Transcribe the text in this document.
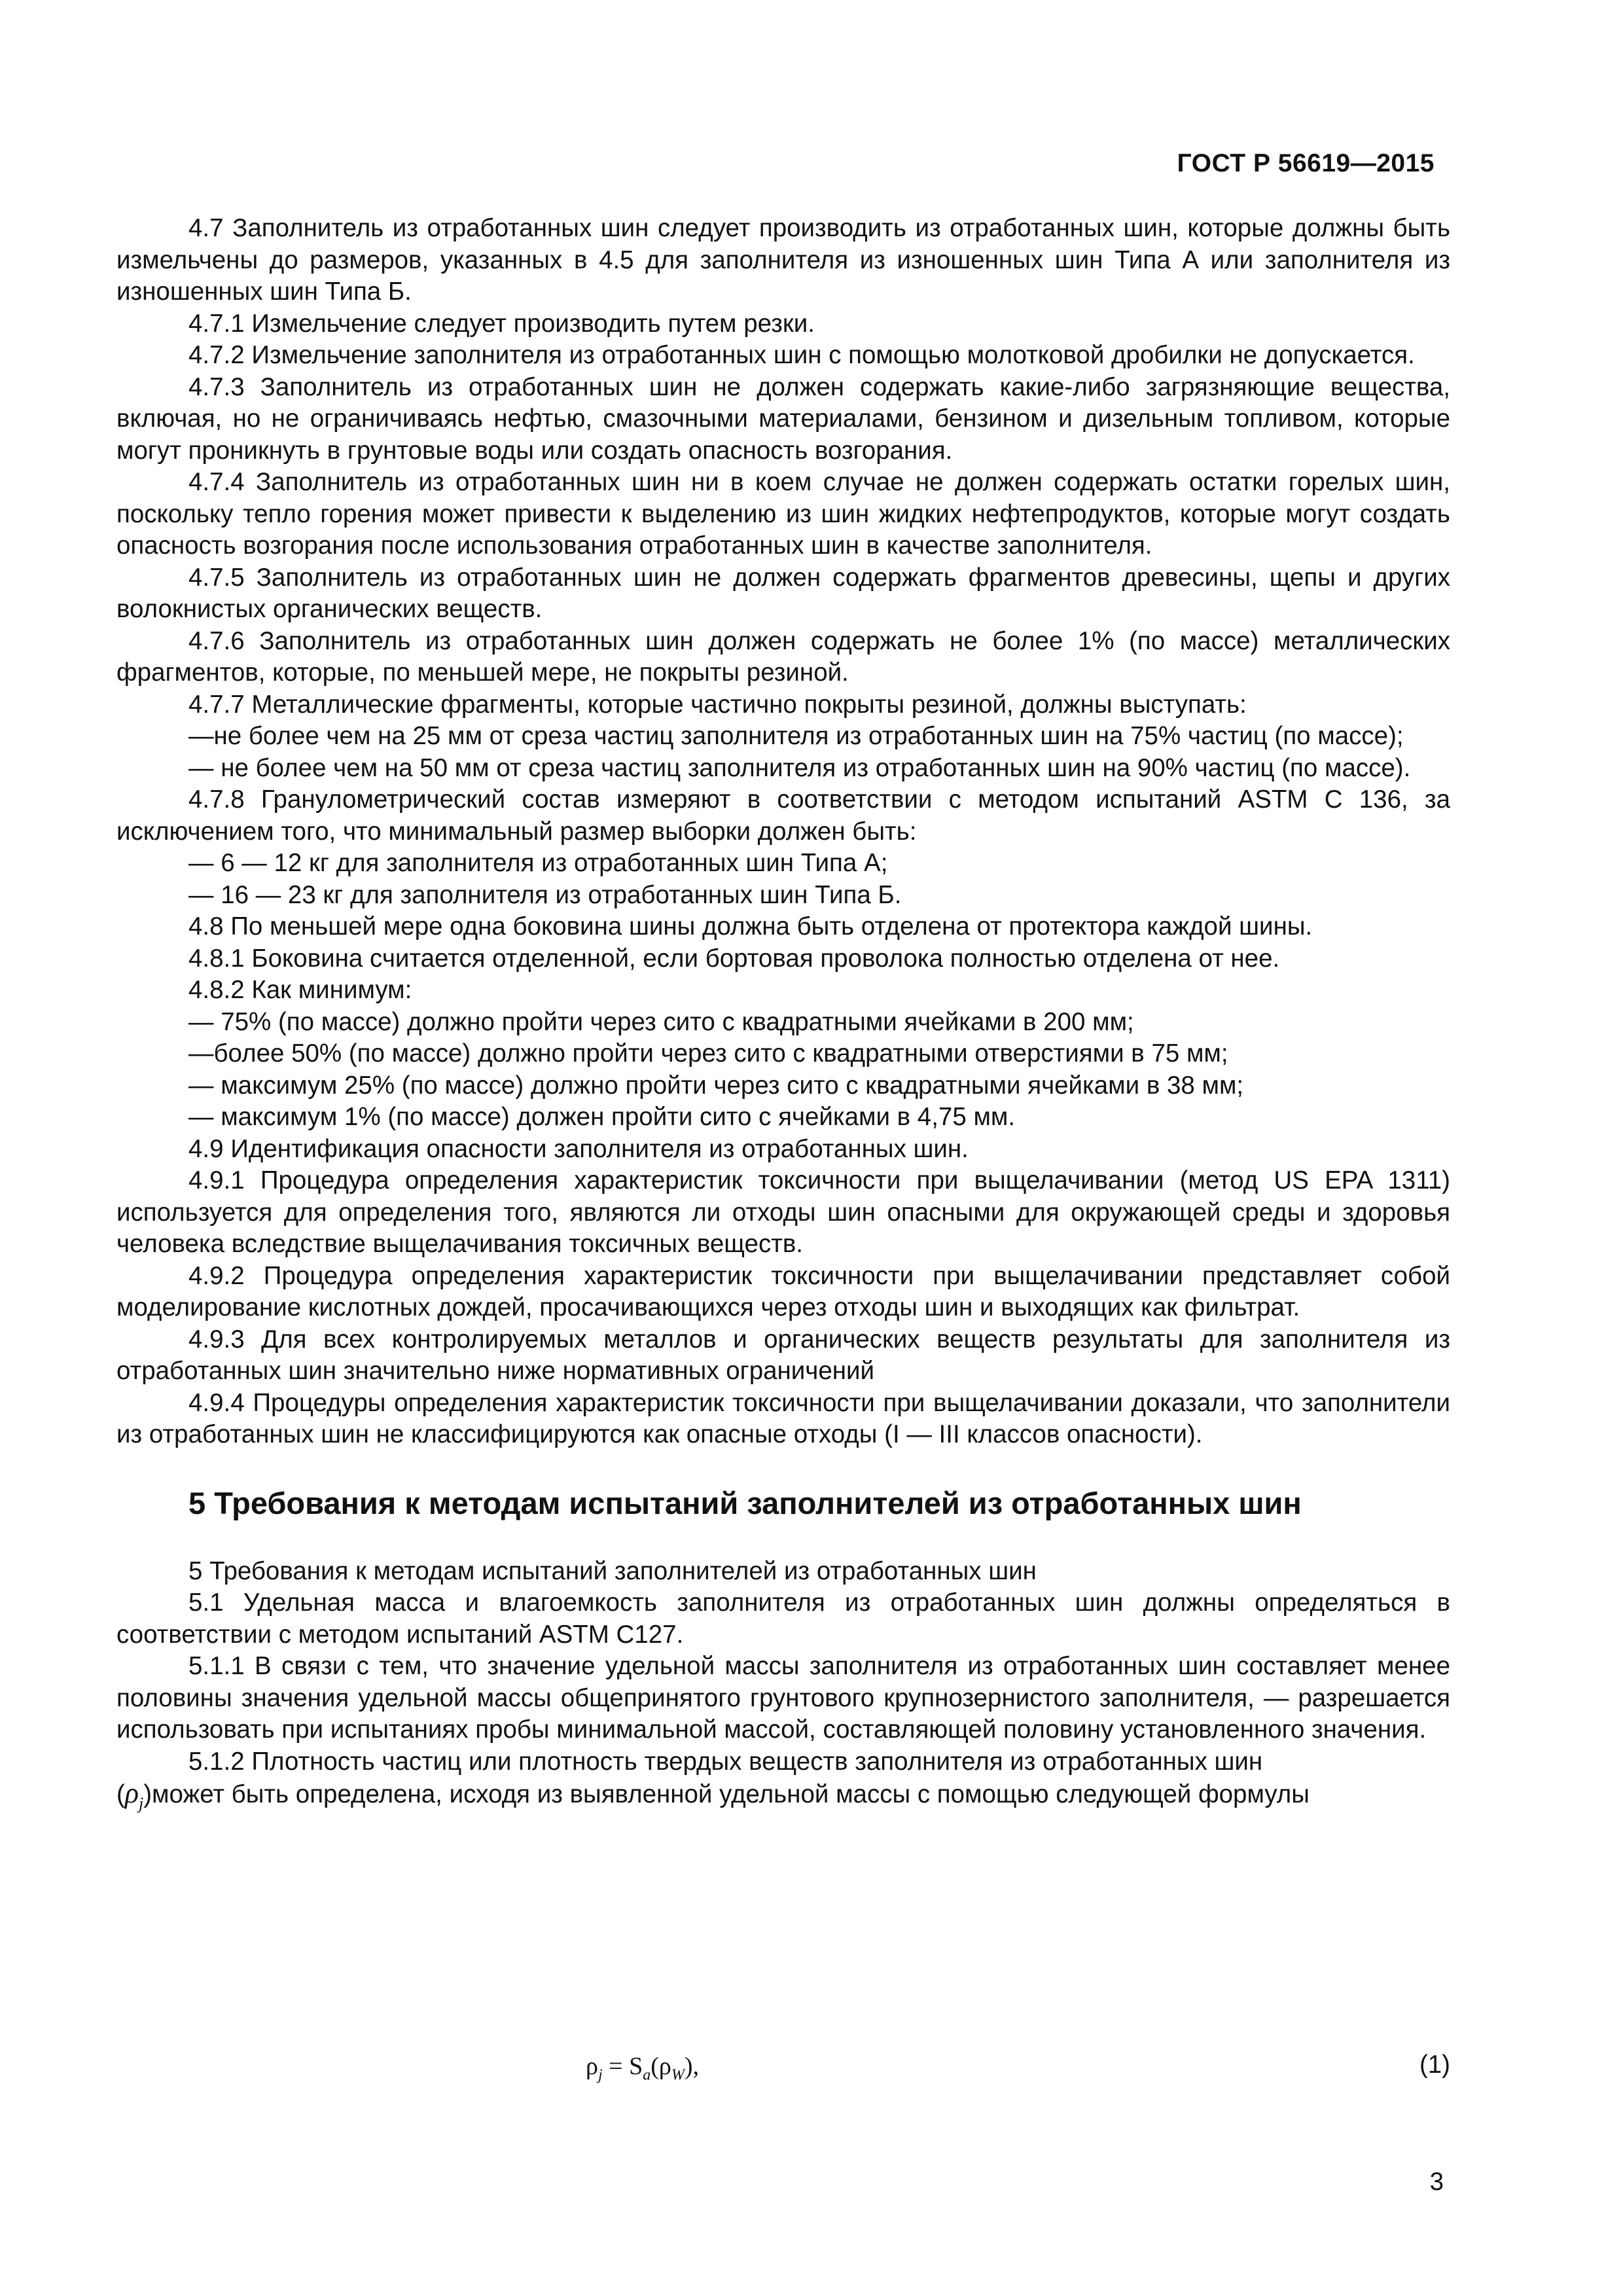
ГОСТ Р 56619—2015

4.7 Заполнитель из отработанных шин следует производить из отработанных шин, которые должны быть измельчены до размеров, указанных в 4.5 для заполнителя из изношенных шин Типа А или заполнителя из изношенных шин Типа Б.

4.7.1 Измельчение следует производить путем резки.

4.7.2 Измельчение заполнителя из отработанных шин с помощью молотковой дробилки не допускается.

4.7.3 Заполнитель из отработанных шин не должен содержать какие-либо загрязняющие вещества, включая, но не ограничиваясь нефтью, смазочными материалами, бензином и дизельным топливом, которые могут проникнуть в грунтовые воды или создать опасность возгорания.

4.7.4 Заполнитель из отработанных шин ни в коем случае не должен содержать остатки горелых шин, поскольку тепло горения может привести к выделению из шин жидких нефтепродуктов, которые могут создать опасность возгорания после использования отработанных шин в качестве заполнителя.

4.7.5 Заполнитель из отработанных шин не должен содержать фрагментов древесины, щепы и других волокнистых органических веществ.

4.7.6 Заполнитель из отработанных шин должен содержать не более 1% (по массе) металлических фрагментов, которые, по меньшей мере, не покрыты резиной.

4.7.7 Металлические фрагменты, которые частично покрыты резиной, должны выступать:

—не более чем на 25 мм от среза частиц заполнителя из отработанных шин на 75% частиц (по массе);

— не более чем на 50 мм от среза частиц заполнителя из отработанных шин на 90% частиц (по массе).

4.7.8 Гранулометрический состав измеряют в соответствии с методом испытаний ASTM C 136, за исключением того, что минимальный размер выборки должен быть:

— 6 — 12 кг для заполнителя из отработанных шин Типа А;

— 16 — 23 кг для заполнителя из отработанных шин Типа Б.

4.8 По меньшей мере одна боковина шины должна быть отделена от протектора каждой шины.

4.8.1 Боковина считается отделенной, если бортовая проволока полностью отделена от нее.

4.8.2 Как минимум:

— 75% (по массе) должно пройти через сито с квадратными ячейками в 200 мм;

—более 50% (по массе) должно пройти через сито с квадратными отверстиями в 75 мм;

— максимум 25% (по массе) должно пройти через сито с квадратными ячейками в 38 мм;

— максимум 1% (по массе) должен пройти сито с ячейками в 4,75 мм.

4.9 Идентификация опасности заполнителя из отработанных шин.

4.9.1 Процедура определения характеристик токсичности при выщелачивании (метод US EPA 1311) используется для определения того, являются ли отходы шин опасными для окружающей среды и здоровья человека вследствие выщелачивания токсичных веществ.

4.9.2 Процедура определения характеристик токсичности при выщелачивании представляет собой моделирование кислотных дождей, просачивающихся через отходы шин и выходящих как фильтрат.

4.9.3 Для всех контролируемых металлов и органических веществ результаты для заполнителя из отработанных шин значительно ниже нормативных ограничений

4.9.4 Процедуры определения характеристик токсичности при выщелачивании доказали, что заполнители из отработанных шин не классифицируются как опасные отходы (I — III классов опасности).

5 Требования к методам испытаний заполнителей из отработанных шин

5 Требования к методам испытаний заполнителей из отработанных шин

5.1 Удельная масса и влагоемкость заполнителя из отработанных шин должны определяться в соответствии с методом испытаний ASTM C127.

5.1.1 В связи с тем, что значение удельной массы заполнителя из отработанных шин составляет менее половины значения удельной массы общепринятого грунтового крупнозернистого заполнителя, — разрешается использовать при испытаниях пробы минимальной массой, составляющей половину установленного значения.

5.1.2 Плотность частиц или плотность твердых веществ заполнителя из отработанных шин

$(\rho_j)может$ быть определена, исходя из выявленной удельной массы с помощью следующей формулы

$\rho_j = S_a(\rho_W)$,	(1)
3
